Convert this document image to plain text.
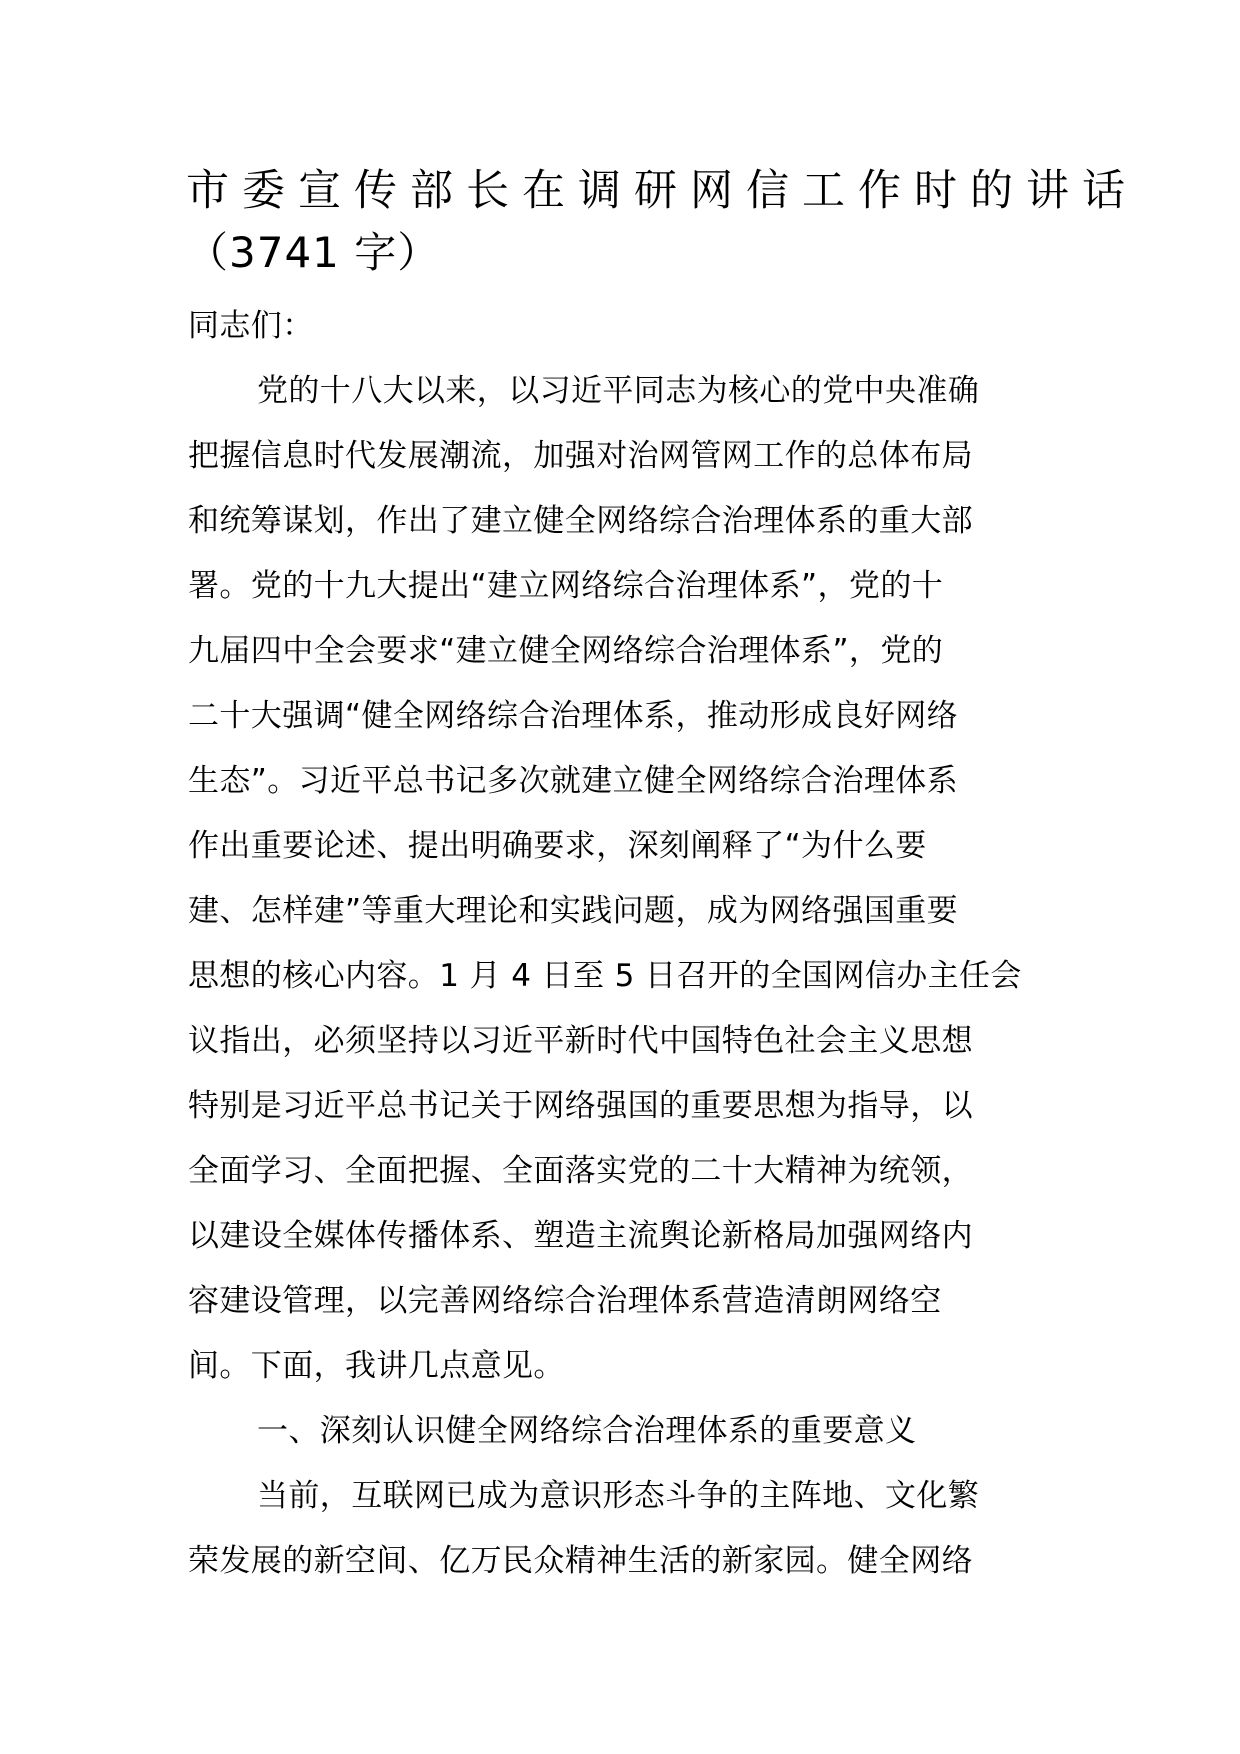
市委宣传部长在调研网信工作时的讲话
（3741 字）
同志们：
党的十八大以来，以习近平同志为核心的党中央准确
把握信息时代发展潮流，加强对治网管网工作的总体布局
和统筹谋划，作出了建立健全网络综合治理体系的重大部
署。党的十九大提出“建立网络综合治理体系”，党的十
九届四中全会要求“建立健全网络综合治理体系”，党的
二十大强调“健全网络综合治理体系，推动形成良好网络
生态”。习近平总书记多次就建立健全网络综合治理体系
作出重要论述、提出明确要求，深刻阐释了“为什么要
建、怎样建”等重大理论和实践问题，成为网络强国重要
思想的核心内容。1 月 4 日至 5 日召开的全国网信办主任会
议指出，必须坚持以习近平新时代中国特色社会主义思想
特别是习近平总书记关于网络强国的重要思想为指导，以
全面学习、全面把握、全面落实党的二十大精神为统领，
以建设全媒体传播体系、塑造主流舆论新格局加强网络内
容建设管理，以完善网络综合治理体系营造清朗网络空
间。下面，我讲几点意见。
一、深刻认识健全网络综合治理体系的重要意义
当前，互联网已成为意识形态斗争的主阵地、文化繁
荣发展的新空间、亿万民众精神生活的新家园。健全网络
